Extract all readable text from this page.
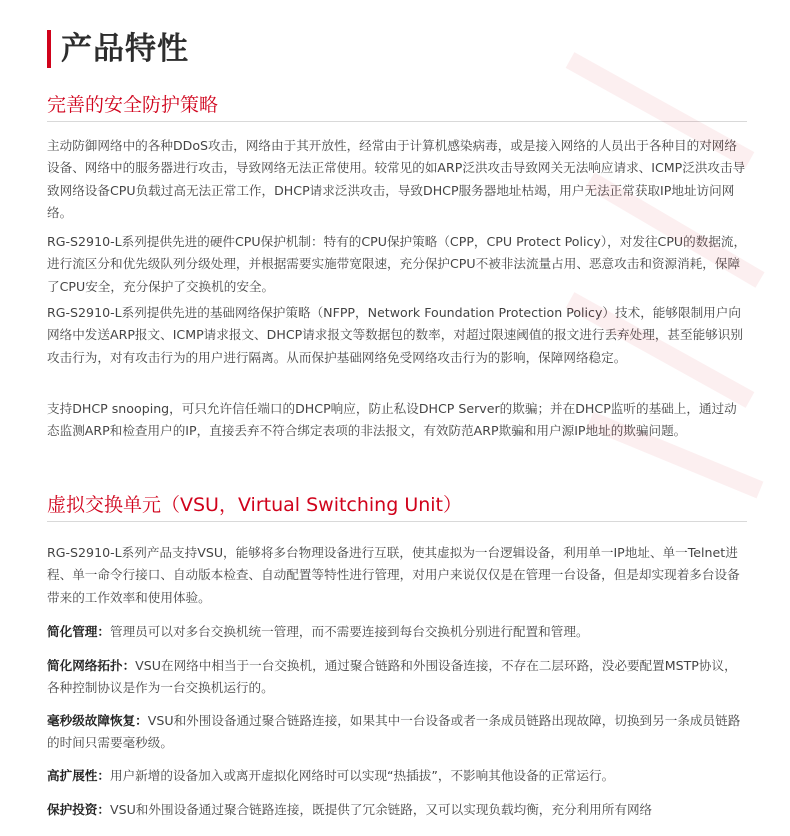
产品特性
完善的安全防护策略

主动防御网络中的各种DDoS攻击，网络由于其开放性，经常由于计算机感染病毒，或是接入网络的人员出于各种目的对网络设备、网络中的服务器进行攻击，导致网络无法正常使用。较常见的如ARP泛洪攻击导致网关无法响应请求、ICMP泛洪攻击导致网络设备CPU负载过高无法正常工作，DHCP请求泛洪攻击，导致DHCP服务器地址枯竭，用户无法正常获取IP地址访问网络。

RG-S2910-L系列提供先进的硬件CPU保护机制：特有的CPU保护策略（CPP，CPU Protect Policy），对发往CPU的数据流，进行流区分和优先级队列分级处理，并根据需要实施带宽限速，充分保护CPU不被非法流量占用、恶意攻击和资源消耗，保障了CPU安全，充分保护了交换机的安全。

RG-S2910-L系列提供先进的基础网络保护策略（NFPP，Network Foundation Protection Policy）技术，能够限制用户向网络中发送ARP报文、ICMP请求报文、DHCP请求报文等数据包的数率，对超过限速阈值的报文进行丢弃处理，甚至能够识别攻击行为，对有攻击行为的用户进行隔离。从而保护基础网络免受网络攻击行为的影响，保障网络稳定。

支持DHCP snooping，可只允许信任端口的DHCP响应，防止私设DHCP Server的欺骗；并在DHCP监听的基础上，通过动态监测ARP和检查用户的IP，直接丢弃不符合绑定表项的非法报文，有效防范ARP欺骗和用户源IP地址的欺骗问题。

虚拟交换单元（VSU，Virtual Switching Unit）

RG-S2910-L系列产品支持VSU，能够将多台物理设备进行互联，使其虚拟为一台逻辑设备，利用单一IP地址、单一Telnet进程、单一命令行接口、自动版本检查、自动配置等特性进行管理，对用户来说仅仅是在管理一台设备，但是却实现着多台设备带来的工作效率和使用体验。

简化管理：管理员可以对多台交换机统一管理，而不需要连接到每台交换机分别进行配置和管理。

简化网络拓扑：VSU在网络中相当于一台交换机，通过聚合链路和外围设备连接，不存在二层环路，没必要配置MSTP协议，各种控制协议是作为一台交换机运行的。

毫秒级故障恢复：VSU和外围设备通过聚合链路连接，如果其中一台设备或者一条成员链路出现故障，切换到另一条成员链路的时间只需要毫秒级。

高扩展性：用户新增的设备加入或离开虚拟化网络时可以实现“热插拔”，不影响其他设备的正常运行。

保护投资：VSU和外围设备通过聚合链路连接，既提供了冗余链路，又可以实现负载均衡，充分利用所有网络
